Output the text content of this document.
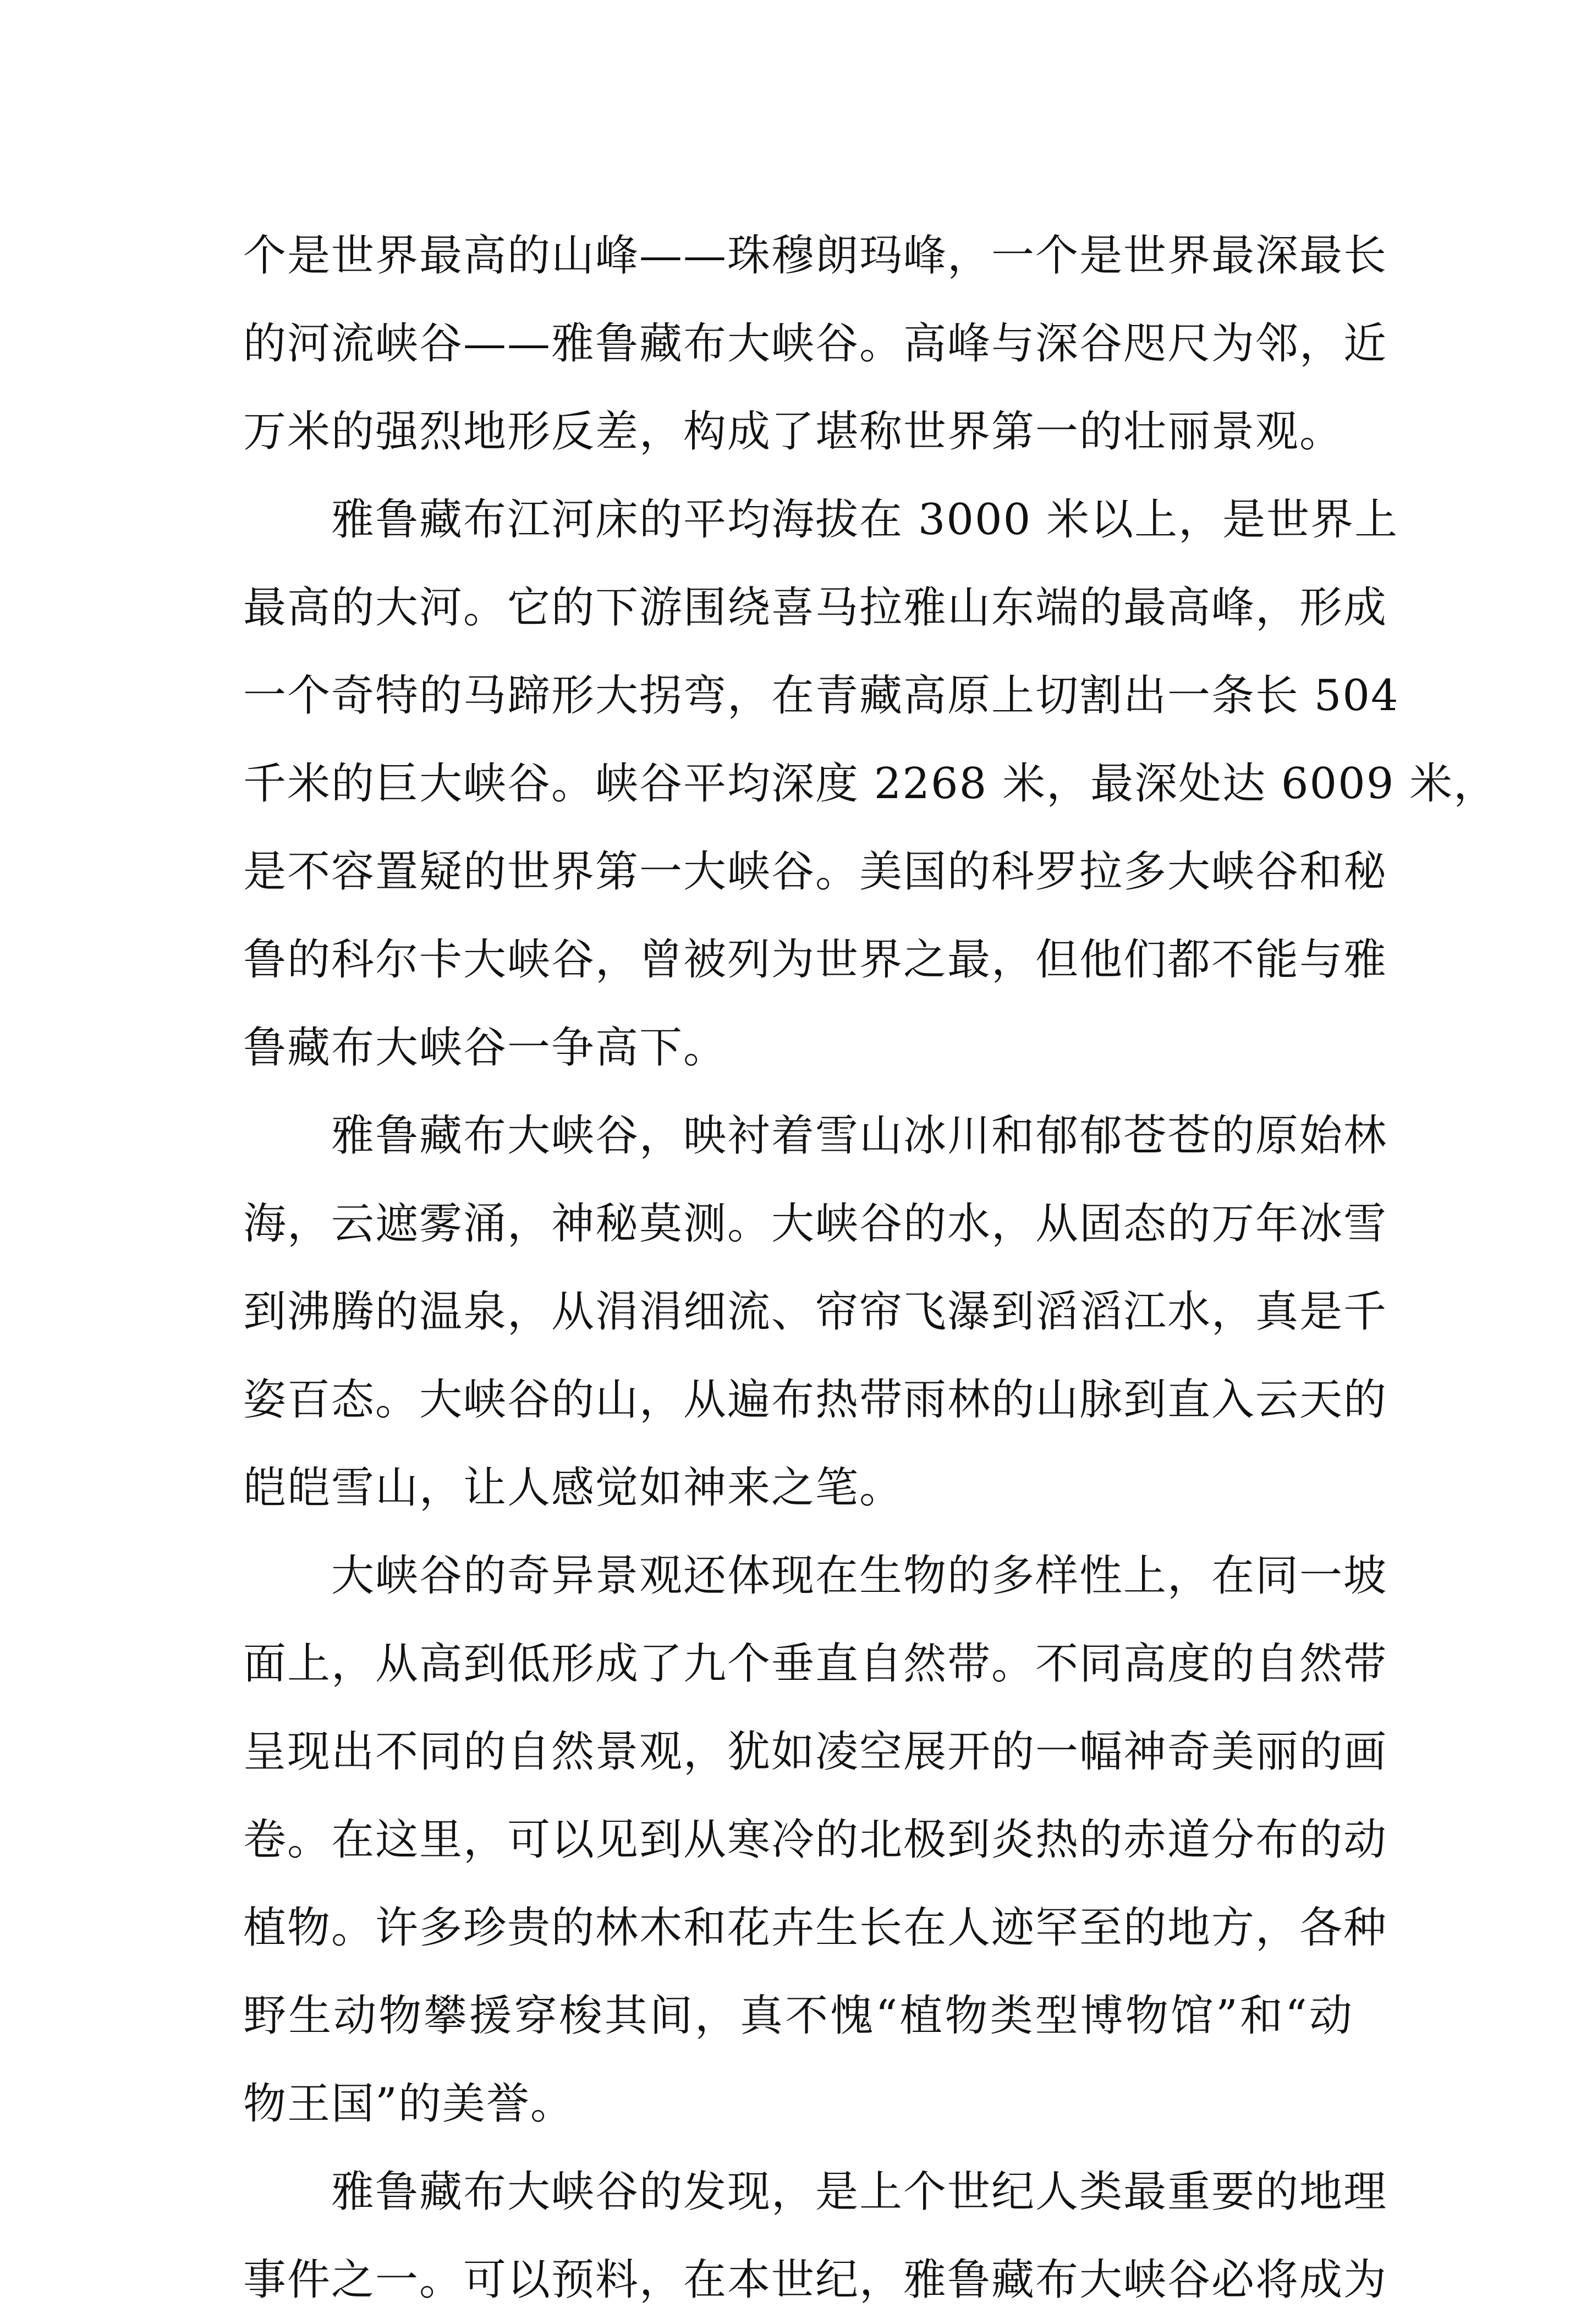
个是世界最高的山峰——珠穆朗玛峰，一个是世界最深最长
的河流峡谷——雅鲁藏布大峡谷。高峰与深谷咫尺为邻，近
万米的强烈地形反差，构成了堪称世界第一的壮丽景观。
雅鲁藏布江河床的平均海拔在 3000 米以上，是世界上
最高的大河。它的下游围绕喜马拉雅山东端的最高峰，形成
一个奇特的马蹄形大拐弯，在青藏高原上切割出一条长 504
千米的巨大峡谷。峡谷平均深度 2268 米，最深处达 6009 米，
是不容置疑的世界第一大峡谷。美国的科罗拉多大峡谷和秘
鲁的科尔卡大峡谷，曾被列为世界之最，但他们都不能与雅
鲁藏布大峡谷一争高下。
雅鲁藏布大峡谷，映衬着雪山冰川和郁郁苍苍的原始林
海，云遮雾涌，神秘莫测。大峡谷的水，从固态的万年冰雪
到沸腾的温泉，从涓涓细流、帘帘飞瀑到滔滔江水，真是千
姿百态。大峡谷的山，从遍布热带雨林的山脉到直入云天的
皑皑雪山，让人感觉如神来之笔。
大峡谷的奇异景观还体现在生物的多样性上，在同一坡
面上，从高到低形成了九个垂直自然带。不同高度的自然带
呈现出不同的自然景观，犹如凌空展开的一幅神奇美丽的画
卷。在这里，可以见到从寒冷的北极到炎热的赤道分布的动
植物。许多珍贵的林木和花卉生长在人迹罕至的地方，各种
野生动物攀援穿梭其间，真不愧“植物类型博物馆”和“动
物王国”的美誉。
雅鲁藏布大峡谷的发现，是上个世纪人类最重要的地理
事件之一。可以预料，在本世纪，雅鲁藏布大峡谷必将成为
